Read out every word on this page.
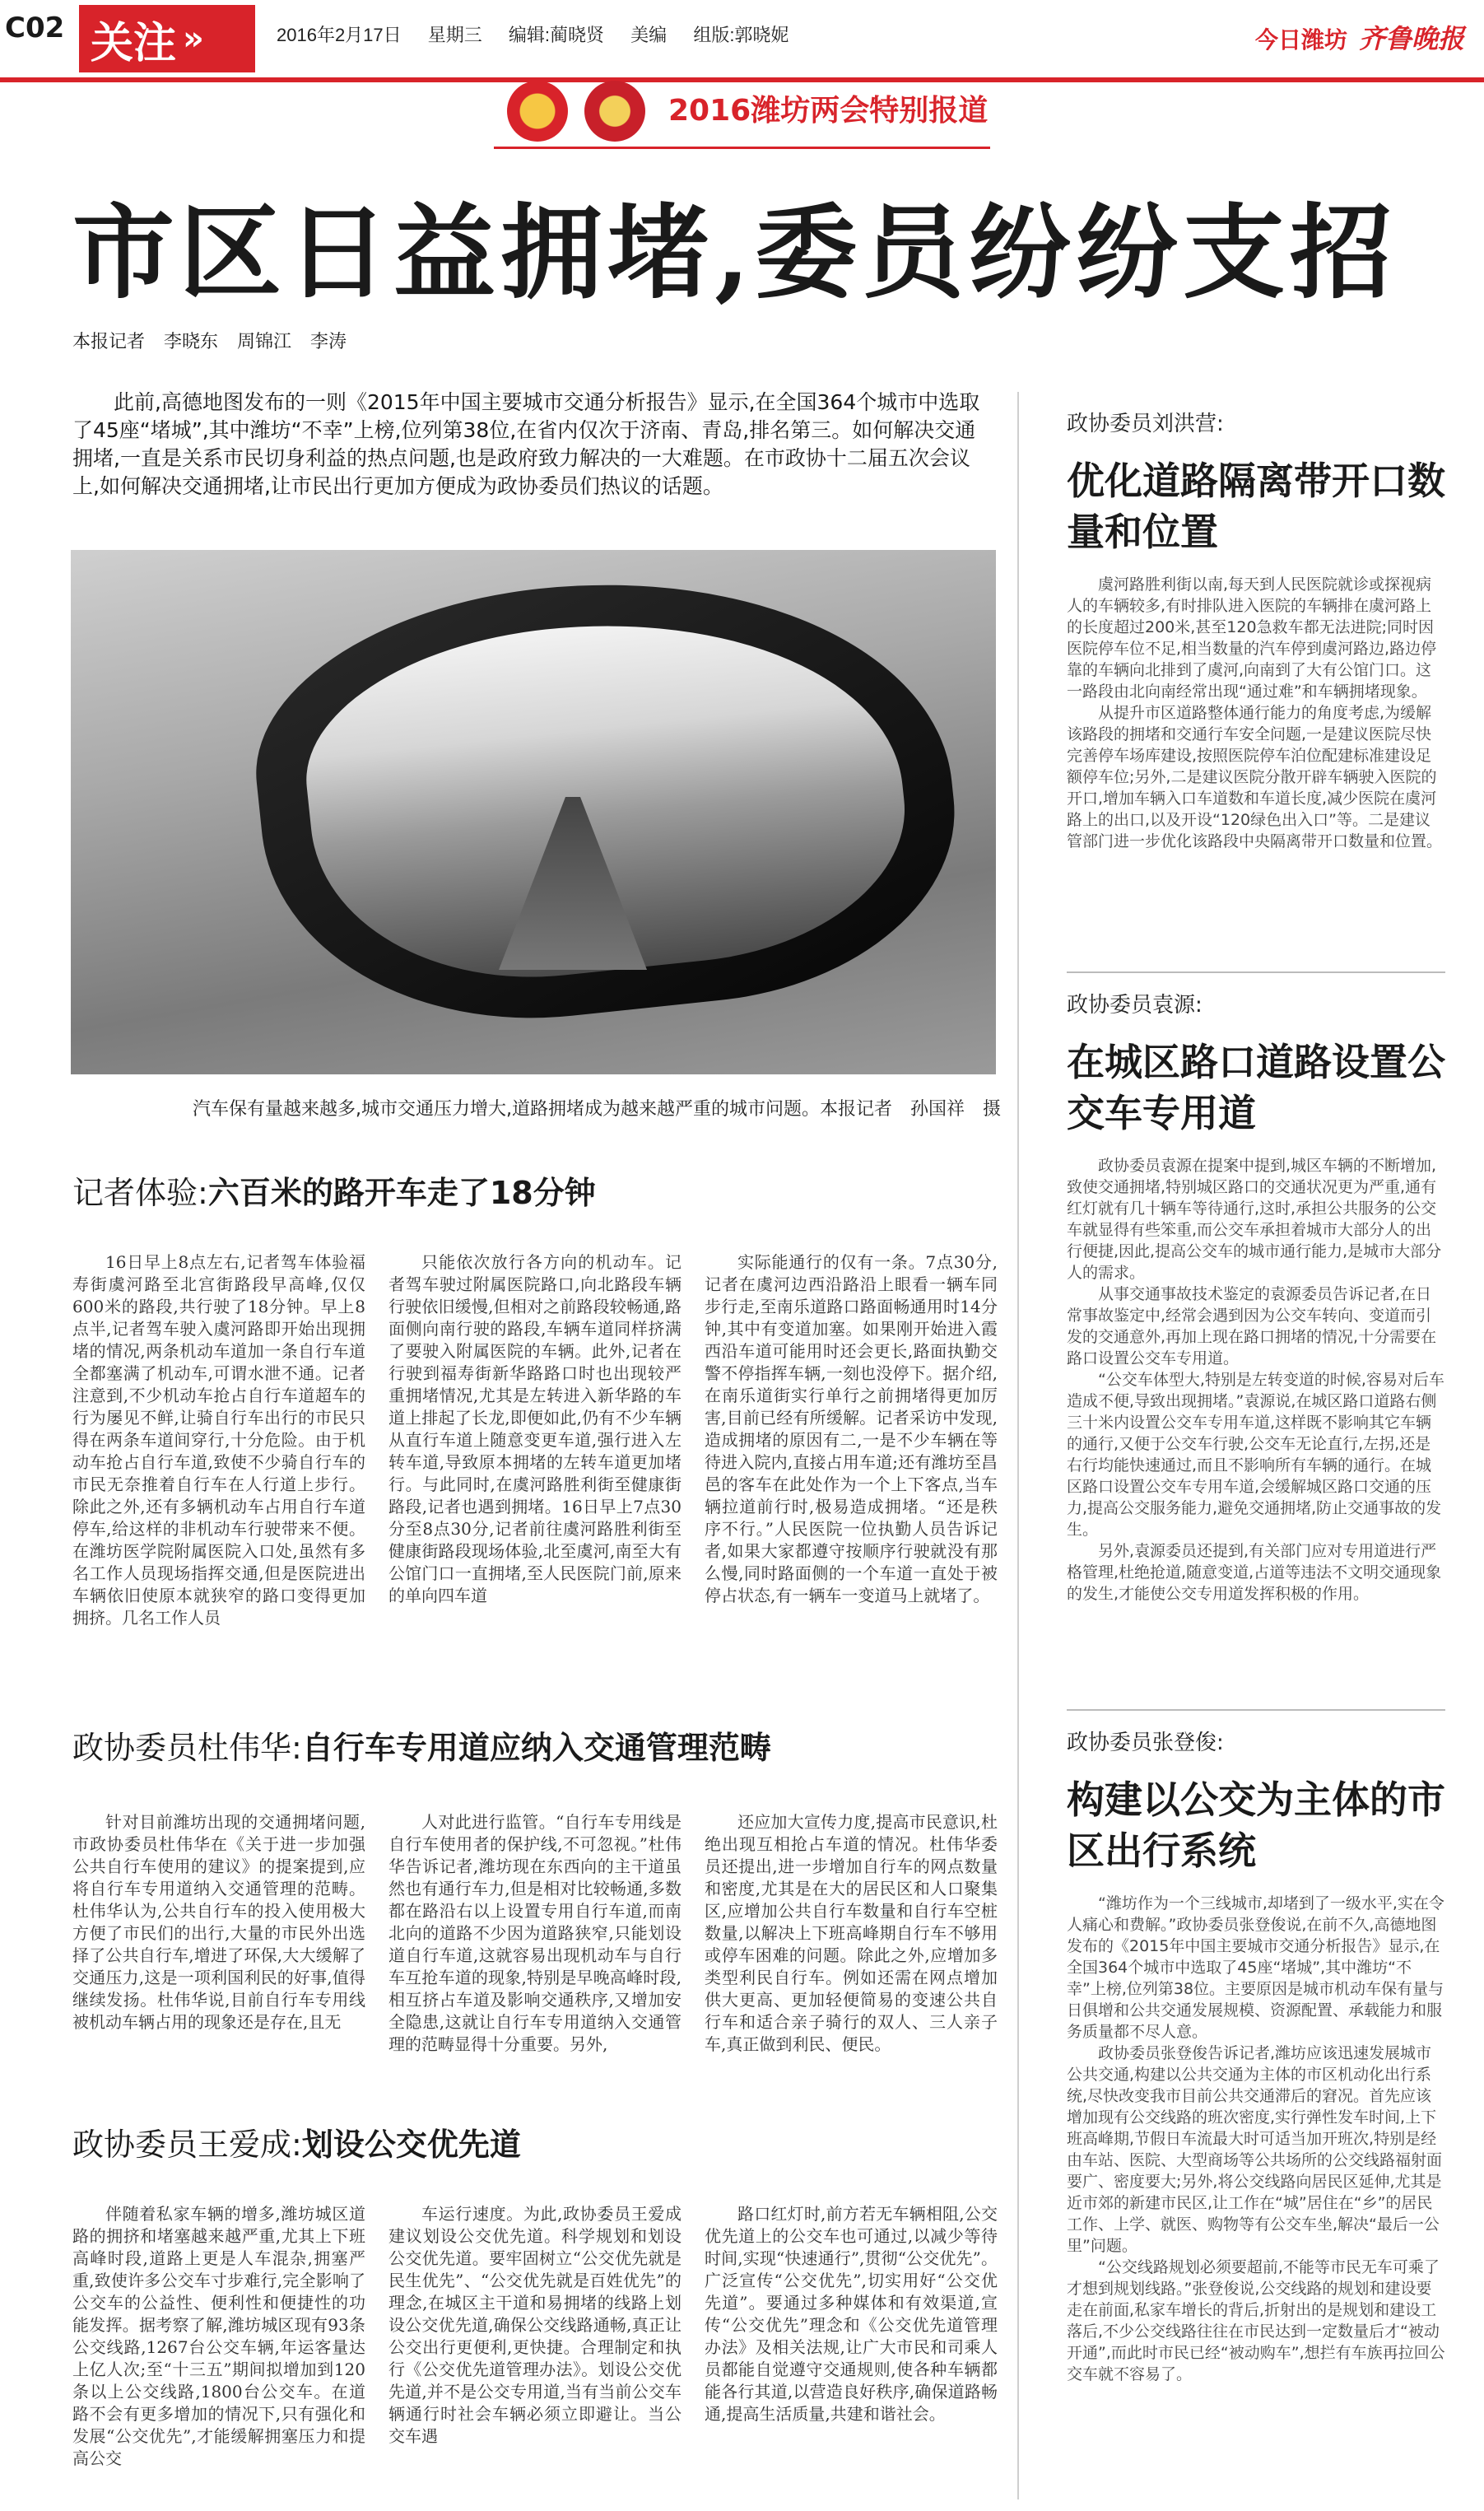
C02 关注 »	2016年2月17日 星期三 编辑:蔺晓贤 美编 组版:郭晓妮	今日潍坊 齐鲁晚报
2016潍坊两会特别报道
市区日益拥堵,委员纷纷支招
本报记者 李晓东 周锦江 李涛
此前,高德地图发布的一则《2015年中国主要城市交通分析报告》显示,在全国364个城市中选取了45座“堵城”,其中潍坊“不幸”上榜,位列第38位,在省内仅次于济南、青岛,排名第三。如何解决交通拥堵,一直是关系市民切身利益的热点问题,也是政府致力解决的一大难题。在市政协十二届五次会议上,如何解决交通拥堵,让市民出行更加方便成为政协委员们热议的话题。
汽车保有量越来越多,城市交通压力增大,道路拥堵成为越来越严重的城市问题。本报记者　孙国祥　摄
记者体验:六百米的路开车走了18分钟

16日早上8点左右,记者驾车体验福寿街虞河路至北宫街路段早高峰,仅仅600米的路段,共行驶了18分钟。早上8点半,记者驾车驶入虞河路即开始出现拥堵的情况,两条机动车道加一条自行车道全都塞满了机动车,可谓水泄不通。记者注意到,不少机动车抢占自行车道超车的行为屡见不鲜,让骑自行车出行的市民只得在两条车道间穿行,十分危险。由于机动车抢占自行车道,致使不少骑自行车的市民无奈推着自行车在人行道上步行。除此之外,还有多辆机动车占用自行车道停车,给这样的非机动车行驶带来不便。在潍坊医学院附属医院入口处,虽然有多名工作人员现场指挥交通,但是医院进出车辆依旧使原本就狭窄的路口变得更加拥挤。几名工作人员

只能依次放行各方向的机动车。记者驾车驶过附属医院路口,向北路段车辆行驶依旧缓慢,但相对之前路段较畅通,路面侧向南行驶的路段,车辆车道同样挤满了要驶入附属医院的车辆。此外,记者在行驶到福寿街新华路路口时也出现较严重拥堵情况,尤其是左转进入新华路的车道上排起了长龙,即便如此,仍有不少车辆从直行车道上随意变更车道,强行进入左转车道,导致原本拥堵的左转车道更加堵行。与此同时,在虞河路胜利街至健康街路段,记者也遇到拥堵。16日早上7点30分至8点30分,记者前往虞河路胜利街至健康街路段现场体验,北至虞河,南至大有公馆门口一直拥堵,至人民医院门前,原来的单向四车道

实际能通行的仅有一条。7点30分,记者在虞河边西沿路沿上眼看一辆车同步行走,至南乐道路口路面畅通用时14分钟,其中有变道加塞。如果刚开始进入霞西沿车道可能用时还会更长,路面执勤交警不停指挥车辆,一刻也没停下。据介绍,在南乐道街实行单行之前拥堵得更加厉害,目前已经有所缓解。记者采访中发现,造成拥堵的原因有二,一是不少车辆在等待进入院内,直接占用车道;还有潍坊至昌邑的客车在此处作为一个上下客点,当车辆拉道前行时,极易造成拥堵。“还是秩序不行。”人民医院一位执勤人员告诉记者,如果大家都遵守按顺序行驶就没有那么慢,同时路面侧的一个车道一直处于被停占状态,有一辆车一变道马上就堵了。

政协委员杜伟华:自行车专用道应纳入交通管理范畴

针对目前潍坊出现的交通拥堵问题,市政协委员杜伟华在《关于进一步加强公共自行车使用的建议》的提案提到,应将自行车专用道纳入交通管理的范畴。杜伟华认为,公共自行车的投入使用极大方便了市民们的出行,大量的市民外出选择了公共自行车,增进了环保,大大缓解了交通压力,这是一项利国利民的好事,值得继续发扬。杜伟华说,目前自行车专用线被机动车辆占用的现象还是存在,且无

人对此进行监管。“自行车专用线是自行车使用者的保护线,不可忽视。”杜伟华告诉记者,潍坊现在东西向的主干道虽然也有通行车力,但是相对比较畅通,多数都在路沿右以上设置专用自行车道,而南北向的道路不少因为道路狭窄,只能划设道自行车道,这就容易出现机动车与自行车互抢车道的现象,特别是早晚高峰时段,相互挤占车道及影响交通秩序,又增加安全隐患,这就让自行车专用道纳入交通管理的范畴显得十分重要。另外,

还应加大宣传力度,提高市民意识,杜绝出现互相抢占车道的情况。杜伟华委员还提出,进一步增加自行车的网点数量和密度,尤其是在大的居民区和人口聚集区,应增加公共自行车数量和自行车空桩数量,以解决上下班高峰期自行车不够用或停车困难的问题。除此之外,应增加多类型利民自行车。例如还需在网点增加供大更高、更加轻便简易的变速公共自行车和适合亲子骑行的双人、三人亲子车,真正做到利民、便民。

政协委员王爱成:划设公交优先道

伴随着私家车辆的增多,潍坊城区道路的拥挤和堵塞越来越严重,尤其上下班高峰时段,道路上更是人车混杂,拥塞严重,致使许多公交车寸步难行,完全影响了公交车的公益性、便利性和便捷性的功能发挥。据考察了解,潍坊城区现有93条公交线路,1267台公交车辆,年运客量达上亿人次;至“十三五”期间拟增加到120条以上公交线路,1800台公交车。在道路不会有更多增加的情况下,只有强化和发展“公交优先”,才能缓解拥塞压力和提高公交

车运行速度。为此,政协委员王爱成建议划设公交优先道。科学规划和划设公交优先道。要牢固树立“公交优先就是民生优先”、“公交优先就是百姓优先”的理念,在城区主干道和易拥堵的线路上划设公交优先道,确保公交线路通畅,真正让公交出行更便利,更快捷。合理制定和执行《公交优先道管理办法》。划设公交优先道,并不是公交专用道,当有当前公交车辆通行时社会车辆必须立即避让。当公交车遇

路口红灯时,前方若无车辆相阻,公交优先道上的公交车也可通过,以减少等待时间,实现“快速通行”,贯彻“公交优先”。广泛宣传“公交优先”,切实用好“公交优先道”。要通过多种媒体和有效渠道,宣传“公交优先”理念和《公交优先道管理办法》及相关法规,让广大市民和司乘人员都能自觉遵守交通规则,使各种车辆都能各行其道,以营造良好秩序,确保道路畅通,提高生活质量,共建和谐社会。

政协委员刘洪营:
优化道路隔离带开口数量和位置

虞河路胜利街以南,每天到人民医院就诊或探视病人的车辆较多,有时排队进入医院的车辆排在虞河路上的长度超过200米,甚至120急救车都无法进院;同时因医院停车位不足,相当数量的汽车停到虞河路边,路边停靠的车辆向北排到了虞河,向南到了大有公馆门口。这一路段由北向南经常出现“通过难”和车辆拥堵现象。

从提升市区道路整体通行能力的角度考虑,为缓解该路段的拥堵和交通行车安全问题,一是建议医院尽快完善停车场库建设,按照医院停车泊位配建标准建设足额停车位;另外,二是建议医院分散开辟车辆驶入医院的开口,增加车辆入口车道数和车道长度,减少医院在虞河路上的出口,以及开设“120绿色出入口”等。二是建议管部门进一步优化该路段中央隔离带开口数量和位置。

政协委员袁源:
在城区路口道路设置公交车专用道

政协委员袁源在提案中提到,城区车辆的不断增加,致使交通拥堵,特别城区路口的交通状况更为严重,通有红灯就有几十辆车等待通行,这时,承担公共服务的公交车就显得有些笨重,而公交车承担着城市大部分人的出行便捷,因此,提高公交车的城市通行能力,是城市大部分人的需求。

从事交通事故技术鉴定的袁源委员告诉记者,在日常事故鉴定中,经常会遇到因为公交车转向、变道而引发的交通意外,再加上现在路口拥堵的情况,十分需要在路口设置公交车专用道。

“公交车体型大,特别是左转变道的时候,容易对后车造成不便,导致出现拥堵。”袁源说,在城区路口道路右侧三十米内设置公交车专用车道,这样既不影响其它车辆的通行,又便于公交车行驶,公交车无论直行,左拐,还是右行均能快速通过,而且不影响所有车辆的通行。在城区路口设置公交车专用车道,会缓解城区路口交通的压力,提高公交服务能力,避免交通拥堵,防止交通事故的发生。

另外,袁源委员还提到,有关部门应对专用道进行严格管理,杜绝抢道,随意变道,占道等违法不文明交通现象的发生,才能使公交专用道发挥积极的作用。

政协委员张登俊:
构建以公交为主体的市区出行系统

“潍坊作为一个三线城市,却堵到了一级水平,实在令人痛心和费解。”政协委员张登俊说,在前不久,高德地图发布的《2015年中国主要城市交通分析报告》显示,在全国364个城市中选取了45座“堵城”,其中潍坊“不幸”上榜,位列第38位。主要原因是城市机动车保有量与日俱增和公共交通发展规模、资源配置、承载能力和服务质量都不尽人意。

政协委员张登俊告诉记者,潍坊应该迅速发展城市公共交通,构建以公共交通为主体的市区机动化出行系统,尽快改变我市目前公共交通滞后的窘况。首先应该增加现有公交线路的班次密度,实行弹性发车时间,上下班高峰期,节假日车流最大时可适当加开班次,特别是经由车站、医院、大型商场等公共场所的公交线路福射面要广、密度要大;另外,将公交线路向居民区延伸,尤其是近市郊的新建市民区,让工作在“城”居住在“乡”的居民工作、上学、就医、购物等有公交车坐,解决“最后一公里”问题。

“公交线路规划必须要超前,不能等市民无车可乘了才想到规划线路。”张登俊说,公交线路的规划和建设要走在前面,私家车增长的背后,折射出的是规划和建设工落后,不少公交线路往往在市民达到一定数量后才“被动开通”,而此时市民已经“被动购车”,想拦有车族再拉回公交车就不容易了。
